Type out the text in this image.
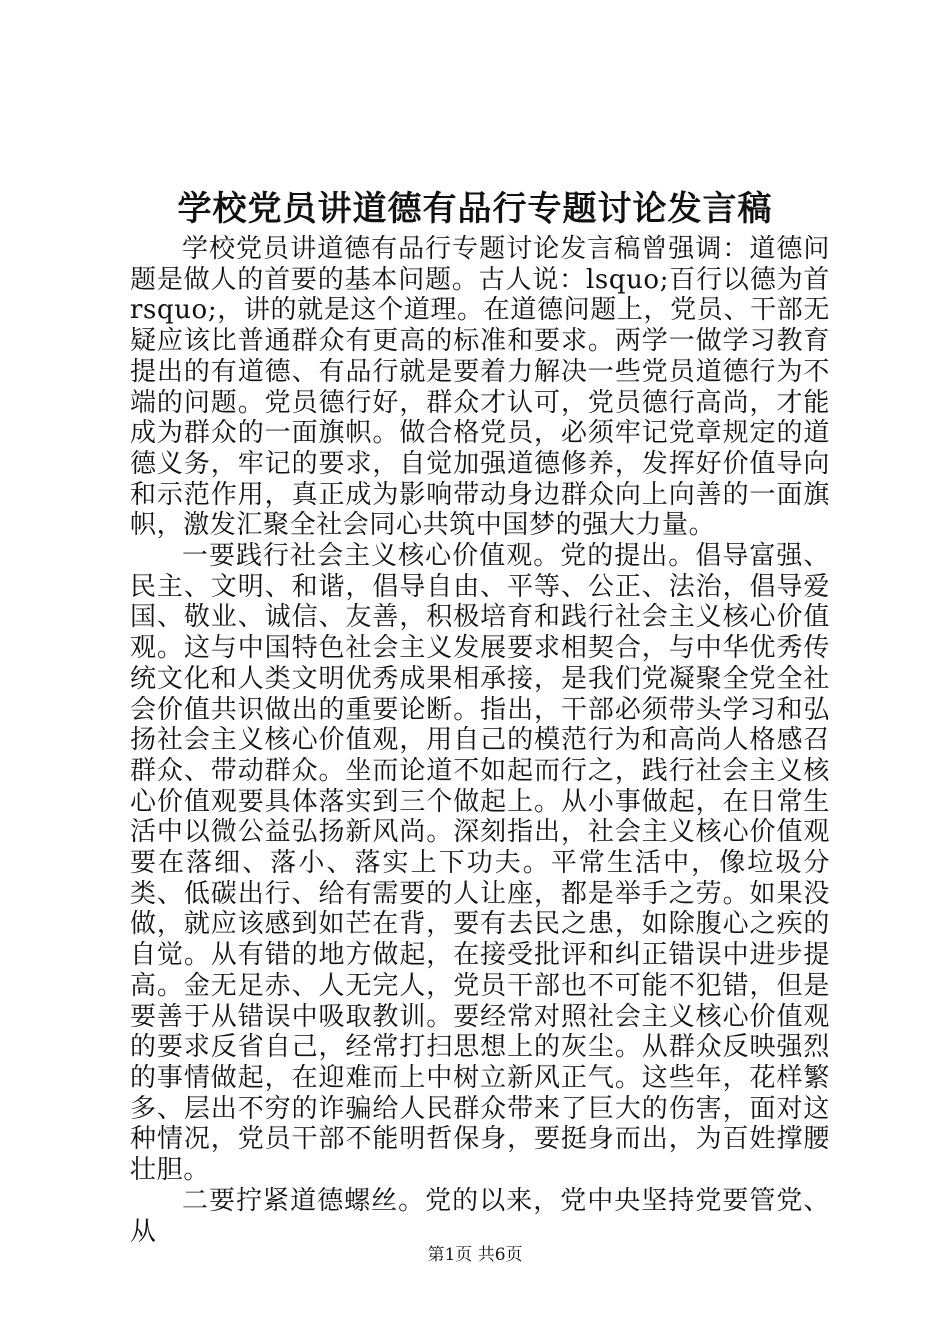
学校党员讲道德有品行专题讨论发言稿

学校党员讲道德有品行专题讨论发言稿曾强调：道德问题是做人的首要的基本问题。古人说：lsquo;百行以德为首rsquo;，讲的就是这个道理。在道德问题上，党员、干部无疑应该比普通群众有更高的标准和要求。两学一做学习教育提出的有道德、有品行就是要着力解决一些党员道德行为不端的问题。党员德行好，群众才认可，党员德行高尚，才能成为群众的一面旗帜。做合格党员，必须牢记党章规定的道德义务，牢记的要求，自觉加强道德修养，发挥好价值导向和示范作用，真正成为影响带动身边群众向上向善的一面旗帜，激发汇聚全社会同心共筑中国梦的强大力量。

一要践行社会主义核心价值观。党的提出。倡导富强、民主、文明、和谐，倡导自由、平等、公正、法治，倡导爱国、敬业、诚信、友善，积极培育和践行社会主义核心价值观。这与中国特色社会主义发展要求相契合，与中华优秀传统文化和人类文明优秀成果相承接，是我们党凝聚全党全社会价值共识做出的重要论断。指出，干部必须带头学习和弘扬社会主义核心价值观，用自己的模范行为和高尚人格感召群众、带动群众。坐而论道不如起而行之，践行社会主义核心价值观要具体落实到三个做起上。从小事做起，在日常生活中以微公益弘扬新风尚。深刻指出，社会主义核心价值观要在落细、落小、落实上下功夫。平常生活中，像垃圾分类、低碳出行、给有需要的人让座，都是举手之劳。如果没做，就应该感到如芒在背，要有去民之患，如除腹心之疾的自觉。从有错的地方做起，在接受批评和纠正错误中进步提高。金无足赤、人无完人，党员干部也不可能不犯错，但是要善于从错误中吸取教训。要经常对照社会主义核心价值观的要求反省自己，经常打扫思想上的灰尘。从群众反映强烈的事情做起，在迎难而上中树立新风正气。这些年，花样繁多、层出不穷的诈骗给人民群众带来了巨大的伤害，面对这种情况，党员干部不能明哲保身，要挺身而出，为百姓撑腰壮胆。

二要拧紧道德螺丝。党的以来，党中央坚持党要管党、从

第1页 共6页
